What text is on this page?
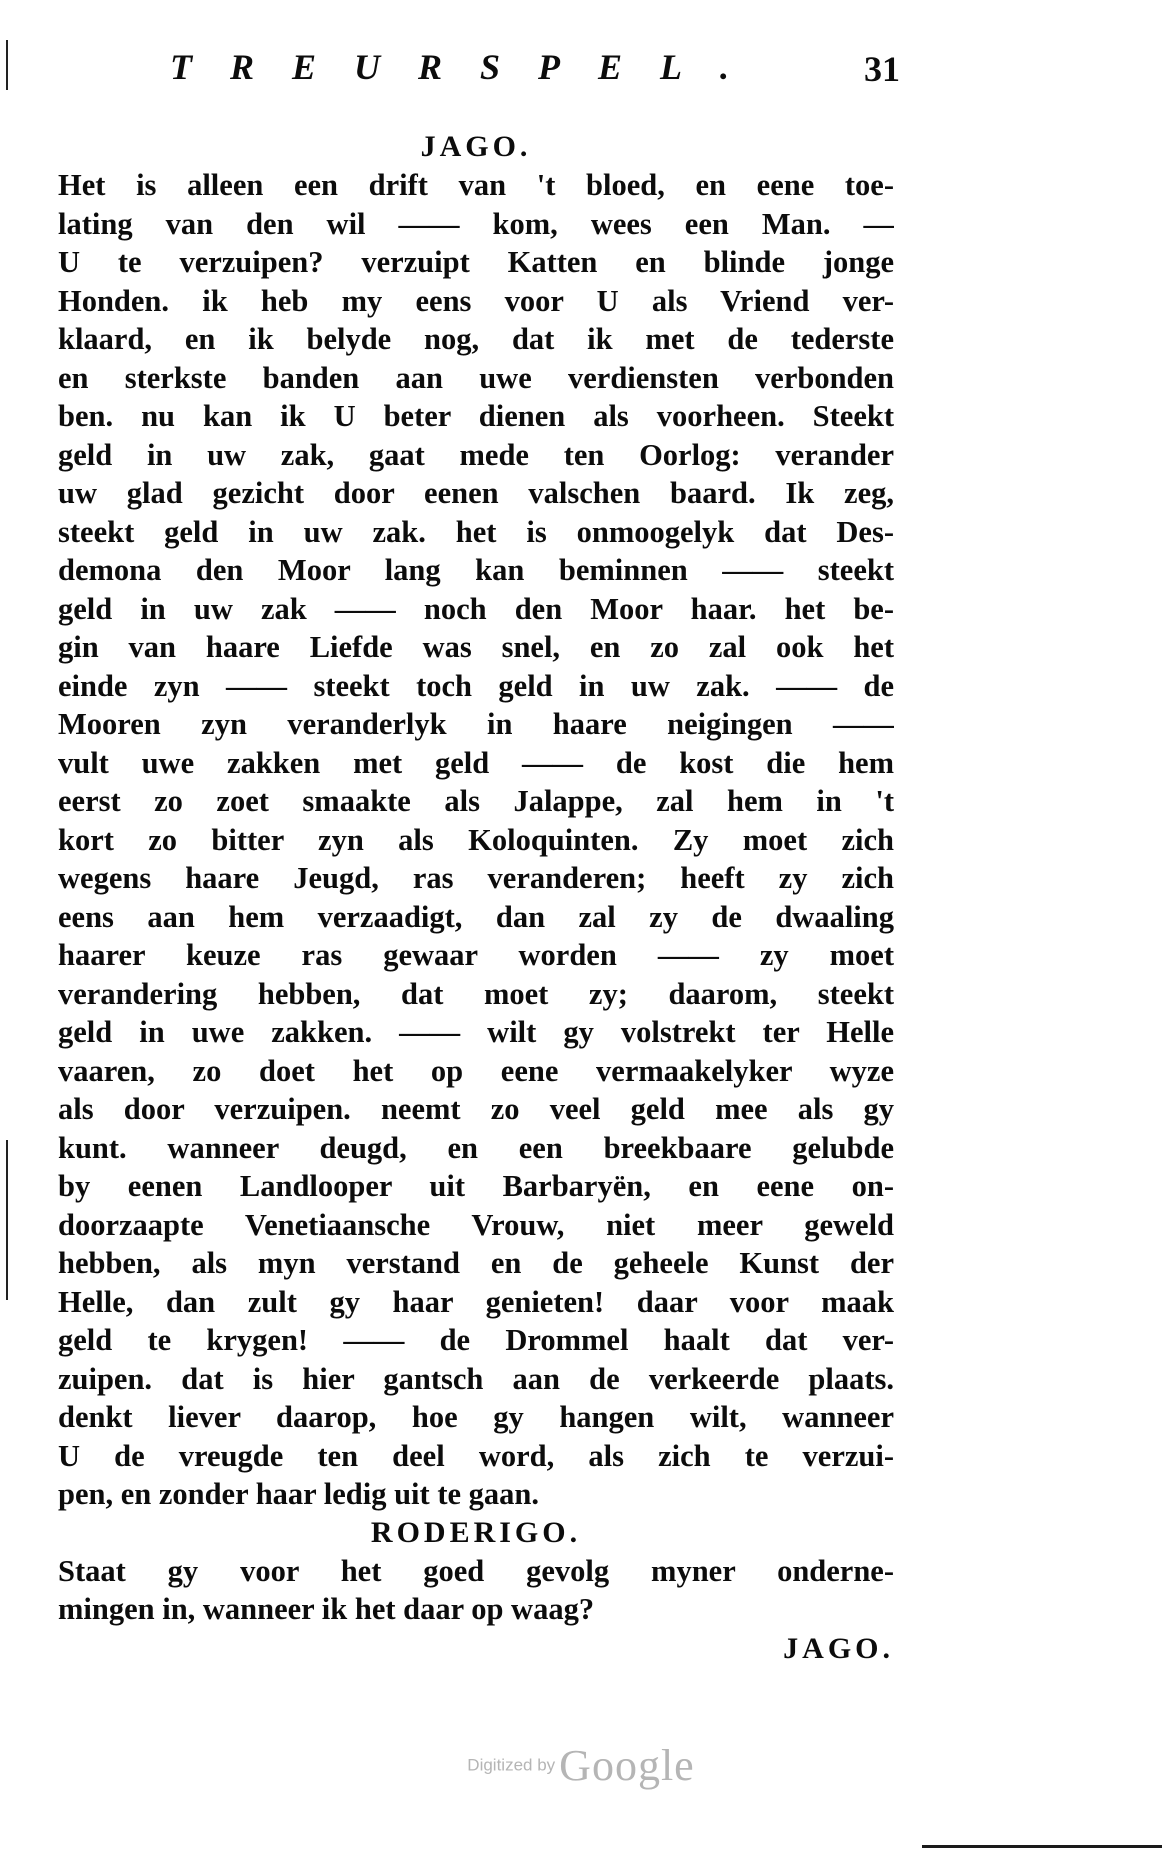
TREURSPEL.	31
JAGO.
Het is alleen een drift van 't bloed, en eene toe-
lating van den wil —— kom, wees een Man. —
U te verzuipen? verzuipt Katten en blinde jonge
Honden. ik heb my eens voor U als Vriend ver-
klaard, en ik belyde nog, dat ik met de tederste
en sterkste banden aan uwe verdiensten verbonden
ben. nu kan ik U beter dienen als voorheen. Steekt
geld in uw zak, gaat mede ten Oorlog: verander
uw glad gezicht door eenen valschen baard. Ik zeg,
steekt geld in uw zak. het is onmoogelyk dat Des-
demona den Moor lang kan beminnen —— steekt
geld in uw zak —— noch den Moor haar. het be-
gin van haare Liefde was snel, en zo zal ook het
einde zyn —— steekt toch geld in uw zak. —— de
Mooren zyn veranderlyk in haare neigingen ——
vult uwe zakken met geld —— de kost die hem
eerst zo zoet smaakte als Jalappe, zal hem in 't
kort zo bitter zyn als Koloquinten. Zy moet zich
wegens haare Jeugd, ras veranderen; heeft zy zich
eens aan hem verzaadigt, dan zal zy de dwaaling
haarer keuze ras gewaar worden —— zy moet
verandering hebben, dat moet zy; daarom, steekt
geld in uwe zakken. —— wilt gy volstrekt ter Helle
vaaren, zo doet het op eene vermaakelyker wyze
als door verzuipen. neemt zo veel geld mee als gy
kunt. wanneer deugd, en een breekbaare gelubde
by eenen Landlooper uit Barbaryën, en eene on-
doorzaapte Venetiaansche Vrouw, niet meer geweld
hebben, als myn verstand en de geheele Kunst der
Helle, dan zult gy haar genieten! daar voor maak
geld te krygen! —— de Drommel haalt dat ver-
zuipen. dat is hier gantsch aan de verkeerde plaats.
denkt liever daarop, hoe gy hangen wilt, wanneer
U de vreugde ten deel word, als zich te verzui-
pen, en zonder haar ledig uit te gaan.
RODERIGO.
Staat gy voor het goed gevolg myner onderne-
mingen in, wanneer ik het daar op waag?
JAGO.
Digitized by Google
